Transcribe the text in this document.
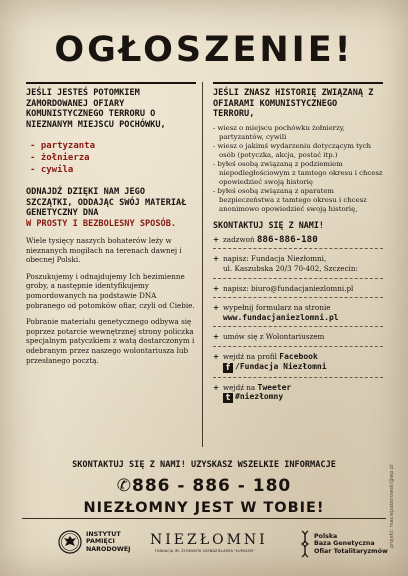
OGŁOSZENIE!
JEŚLI JESTEŚ POTOMKIEM ZAMORDOWANEJ OFIARY KOMUNISTYCZNEGO TERRORU O NIEZNANYM MIEJSCU POCHÓWKU,
- partyzanta
- żołnierza
- cywila
ODNAJDŹ DZIĘKI NAM JEGO SZCZĄTKI, ODDAJĄC SWÓJ MATERIAŁ GENETYCZNY DNA
W PROSTY I BEZBOLESNY SPOSÓB.
Wiele tysięcy naszych bohaterów leży w nieznanych mogiłach na terenach dawnej i obecnej Polski.
Poszukujemy i odnajdujemy Ich bezimienne groby, a następnie identyfikujemy pomordowanych na podstawie DNA pobranego od potomków ofiar, czyli od Ciebie.
Pobranie materiału genetycznego odbywa się poprzez potarcie wewnętrznej strony policzka specjalnym patyczkiem z watą dostarczonym i odebranym przez naszego wolontariusza lub przesłanego pocztą.
JEŚLI ZNASZ HISTORIĘ ZWIĄZANĄ Z OFIARAMI KOMUNISTYCZNEGO TERRORU,
- wiesz o miejscu pochówku żołnierzy, partyzantów, cywili
- wiesz o jakimś wydarzeniu dotyczącym tych osób (potyczka, akcja, postać itp.)
- byłeś osobą związaną z podziemiem niepodległościowym z tamtego okresu i chcesz opowiedzieć swoją historię
- byłeś osobą związaną z aparatem bezpieczeństwa z tamtego okresu i chcesz anonimowo opowiedzieć swoją historię,
SKONTAKTUJ SIĘ Z NAMI!
+ zadzwoń 886-886-180
+ napisz: Fundacja Niezłomni,
ul. Kaszubska 20/3 70-402, Szczecin:
+ napisz: biuro@fundacjaniezlomni.pl
+ wypełnij formularz na stronie
www.fundacjaniezlomni.pl
+ umów się z Wolontariuszem
+ wejdź na profil Facebook
f /Fundacja Niezłomni
+ wejdź na Tweeter
t #niezłomny
SKONTAKTUJ SIĘ Z NAMI! UZYSKASZ WSZELKIE INFORMACJE
✆886 - 886 - 180
NIEZŁOMNY JEST W TOBIE!
INSTYTUT
PAMIĘCI
NARODOWEJ
NIEZŁOMNI
FUNDACJA IM. ZYGMUNTA SZENDZIELARZA "ŁUPASZKI"
Polska
Baza Genetyczna
Ofiar Totalitaryzmów
projekt: maciejzaborowski@wp.pl
